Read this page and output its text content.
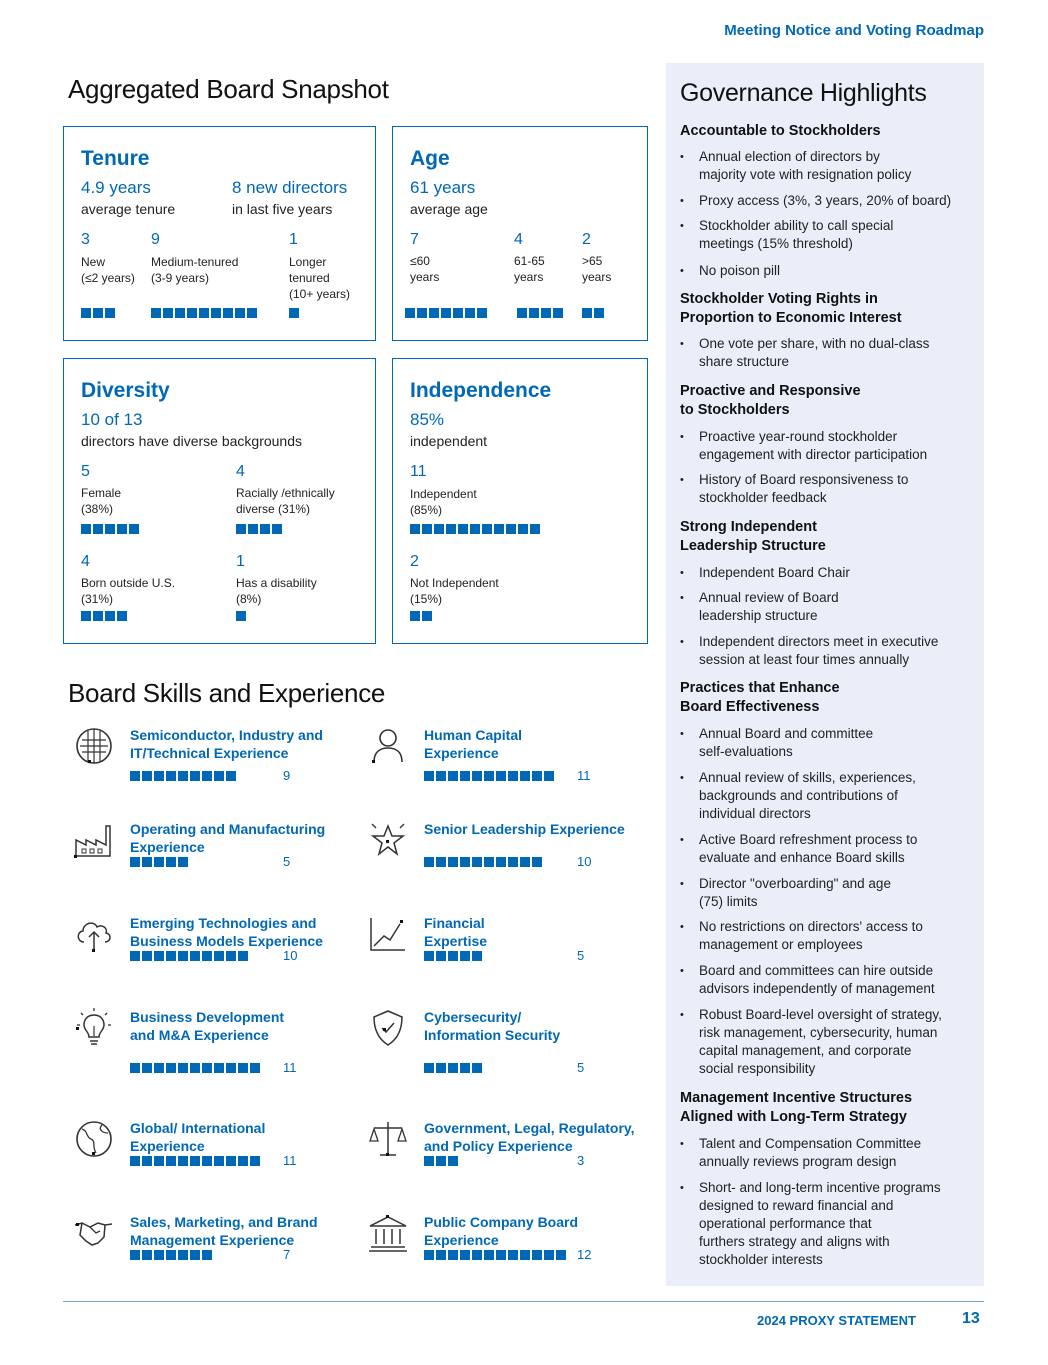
Meeting Notice and Voting Roadmap
Aggregated Board Snapshot
Tenure
4.9 years
average tenure
8 new directors
in last five years
3
New
(≤2 years)
9
Medium-tenured
(3-9 years)
1
Longer
tenured
(10+ years)
Age
61 years
average age
7
≤60
years
4
61-65
years
2
>65
years
Diversity
10 of 13
directors have diverse backgrounds
5
Female
(38%)
4
Racially /ethnically
diverse (31%)
4
Born outside U.S.
(31%)
1
Has a disability
(8%)
Independence
85%
independent
11
Independent
(85%)
2
Not Independent
(15%)
Board Skills and Experience
Semiconductor, Industry and
IT/Technical Experience
9
Human Capital
Experience
11
Operating and Manufacturing
Experience
5
Senior Leadership Experience
10
Emerging Technologies and
Business Models Experience
10
Financial
Expertise
5
Business Development
and M&A Experience
11
Cybersecurity/
Information Security
5
Global/ International
Experience
11
Government, Legal, Regulatory,
and Policy Experience
3
Sales, Marketing, and Brand
Management Experience
7
Public Company Board
Experience
12
Governance Highlights
Accountable to Stockholders
• Annual election of directors by
majority vote with resignation policy
• Proxy access (3%, 3 years, 20% of board)
• Stockholder ability to call special
meetings (15% threshold)
• No poison pill
Stockholder Voting Rights in
Proportion to Economic Interest
• One vote per share, with no dual-class
share structure
Proactive and Responsive
to Stockholders
• Proactive year-round stockholder
engagement with director participation
• History of Board responsiveness to
stockholder feedback
Strong Independent
Leadership Structure
• Independent Board Chair
• Annual review of Board
leadership structure
• Independent directors meet in executive
session at least four times annually
Practices that Enhance
Board Effectiveness
• Annual Board and committee
self-evaluations
• Annual review of skills, experiences,
backgrounds and contributions of
individual directors
• Active Board refreshment process to
evaluate and enhance Board skills
• Director "overboarding" and age
(75) limits
• No restrictions on directors' access to
management or employees
• Board and committees can hire outside
advisors independently of management
• Robust Board-level oversight of strategy,
risk management, cybersecurity, human
capital management, and corporate
social responsibility
Management Incentive Structures
Aligned with Long-Term Strategy
• Talent and Compensation Committee
annually reviews program design
• Short- and long-term incentive programs
designed to reward financial and
operational performance that
furthers strategy and aligns with
stockholder interests
2024 PROXY STATEMENT	13
